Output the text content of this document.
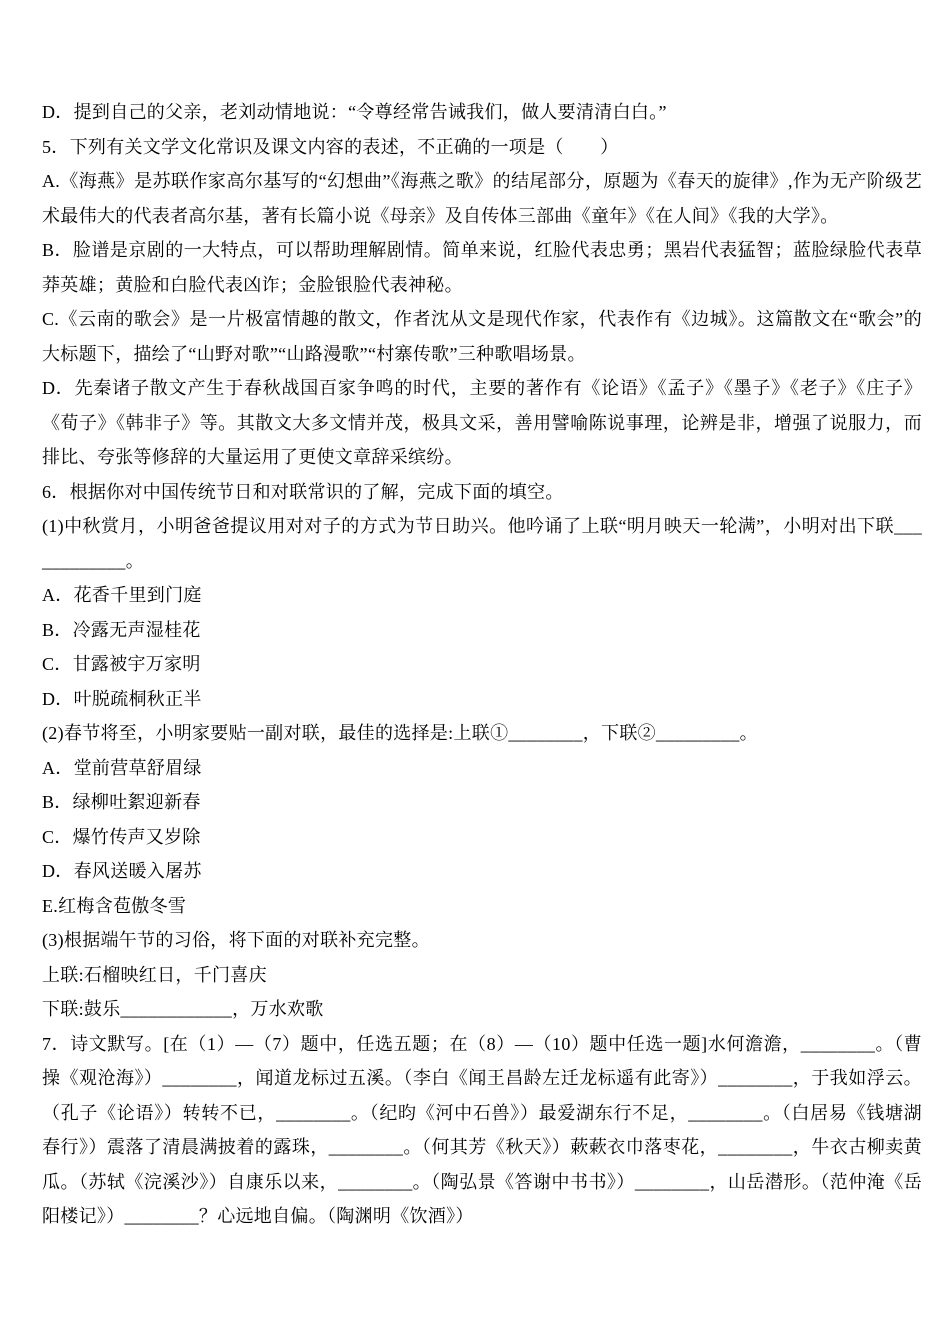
D．提到自己的父亲，老刘动情地说：“令尊经常告诫我们，做人要清清白白。”

5．下列有关文学文化常识及课文内容的表述，不正确的一项是（　　）

A.《海燕》是苏联作家高尔基写的“幻想曲”《海燕之歌》的结尾部分，原题为《春天的旋律》,作为无产阶级艺术最伟大的代表者高尔基，著有长篇小说《母亲》及自传体三部曲《童年》《在人间》《我的大学》。

B．脸谱是京剧的一大特点，可以帮助理解剧情。简单来说，红脸代表忠勇；黑岩代表猛智；蓝脸绿脸代表草莽英雄；黄脸和白脸代表凶诈；金脸银脸代表神秘。

C.《云南的歌会》是一片极富情趣的散文，作者沈从文是现代作家，代表作有《边城》。这篇散文在“歌会”的大标题下，描绘了“山野对歌”“山路漫歌”“村寨传歌”三种歌唱场景。

D．先秦诸子散文产生于春秋战国百家争鸣的时代，主要的著作有《论语》《孟子》《墨子》《老子》《庄子》《荀子》《韩非子》等。其散文大多文情并茂，极具文采，善用譬喻陈说事理，论辨是非，增强了说服力，而排比、夸张等修辞的大量运用了更使文章辞采缤纷。

6．根据你对中国传统节日和对联常识的了解，完成下面的填空。

(1)中秋赏月，小明爸爸提议用对对子的方式为节日助兴。他吟诵了上联“明月映天一轮满”，小明对出下联____________。

A．花香千里到门庭

B．冷露无声湿桂花

C．甘露被宇万家明

D．叶脱疏桐秋正半

(2)春节将至，小明家要贴一副对联，最佳的选择是:上联①________，下联②_________。

A．堂前营草舒眉绿

B．绿柳吐絮迎新春

C．爆竹传声又岁除

D．春风送暖入屠苏

E.红梅含苞傲冬雪

(3)根据端午节的习俗，将下面的对联补充完整。

上联:石榴映红日，千门喜庆

下联:鼓乐____________，万水欢歌

7．诗文默写。[在（1）—（7）题中，任选五题；在（8）—（10）题中任选一题]水何澹澹，________。（曹操《观沧海》）________，闻道龙标过五溪。（李白《闻王昌龄左迁龙标遥有此寄》）________，于我如浮云。（孔子《论语》）转转不已，________。（纪昀《河中石兽》）最爱湖东行不足，________。（白居易《钱塘湖春行》）震落了清晨满披着的露珠，________。（何其芳《秋天》）蔌蔌衣巾落枣花，________，牛衣古柳卖黄瓜。（苏轼《浣溪沙》）自康乐以来，________。（陶弘景《答谢中书书》）________，山岳潜形。（范仲淹《岳阳楼记》）________？心远地自偏。（陶渊明《饮酒》）
